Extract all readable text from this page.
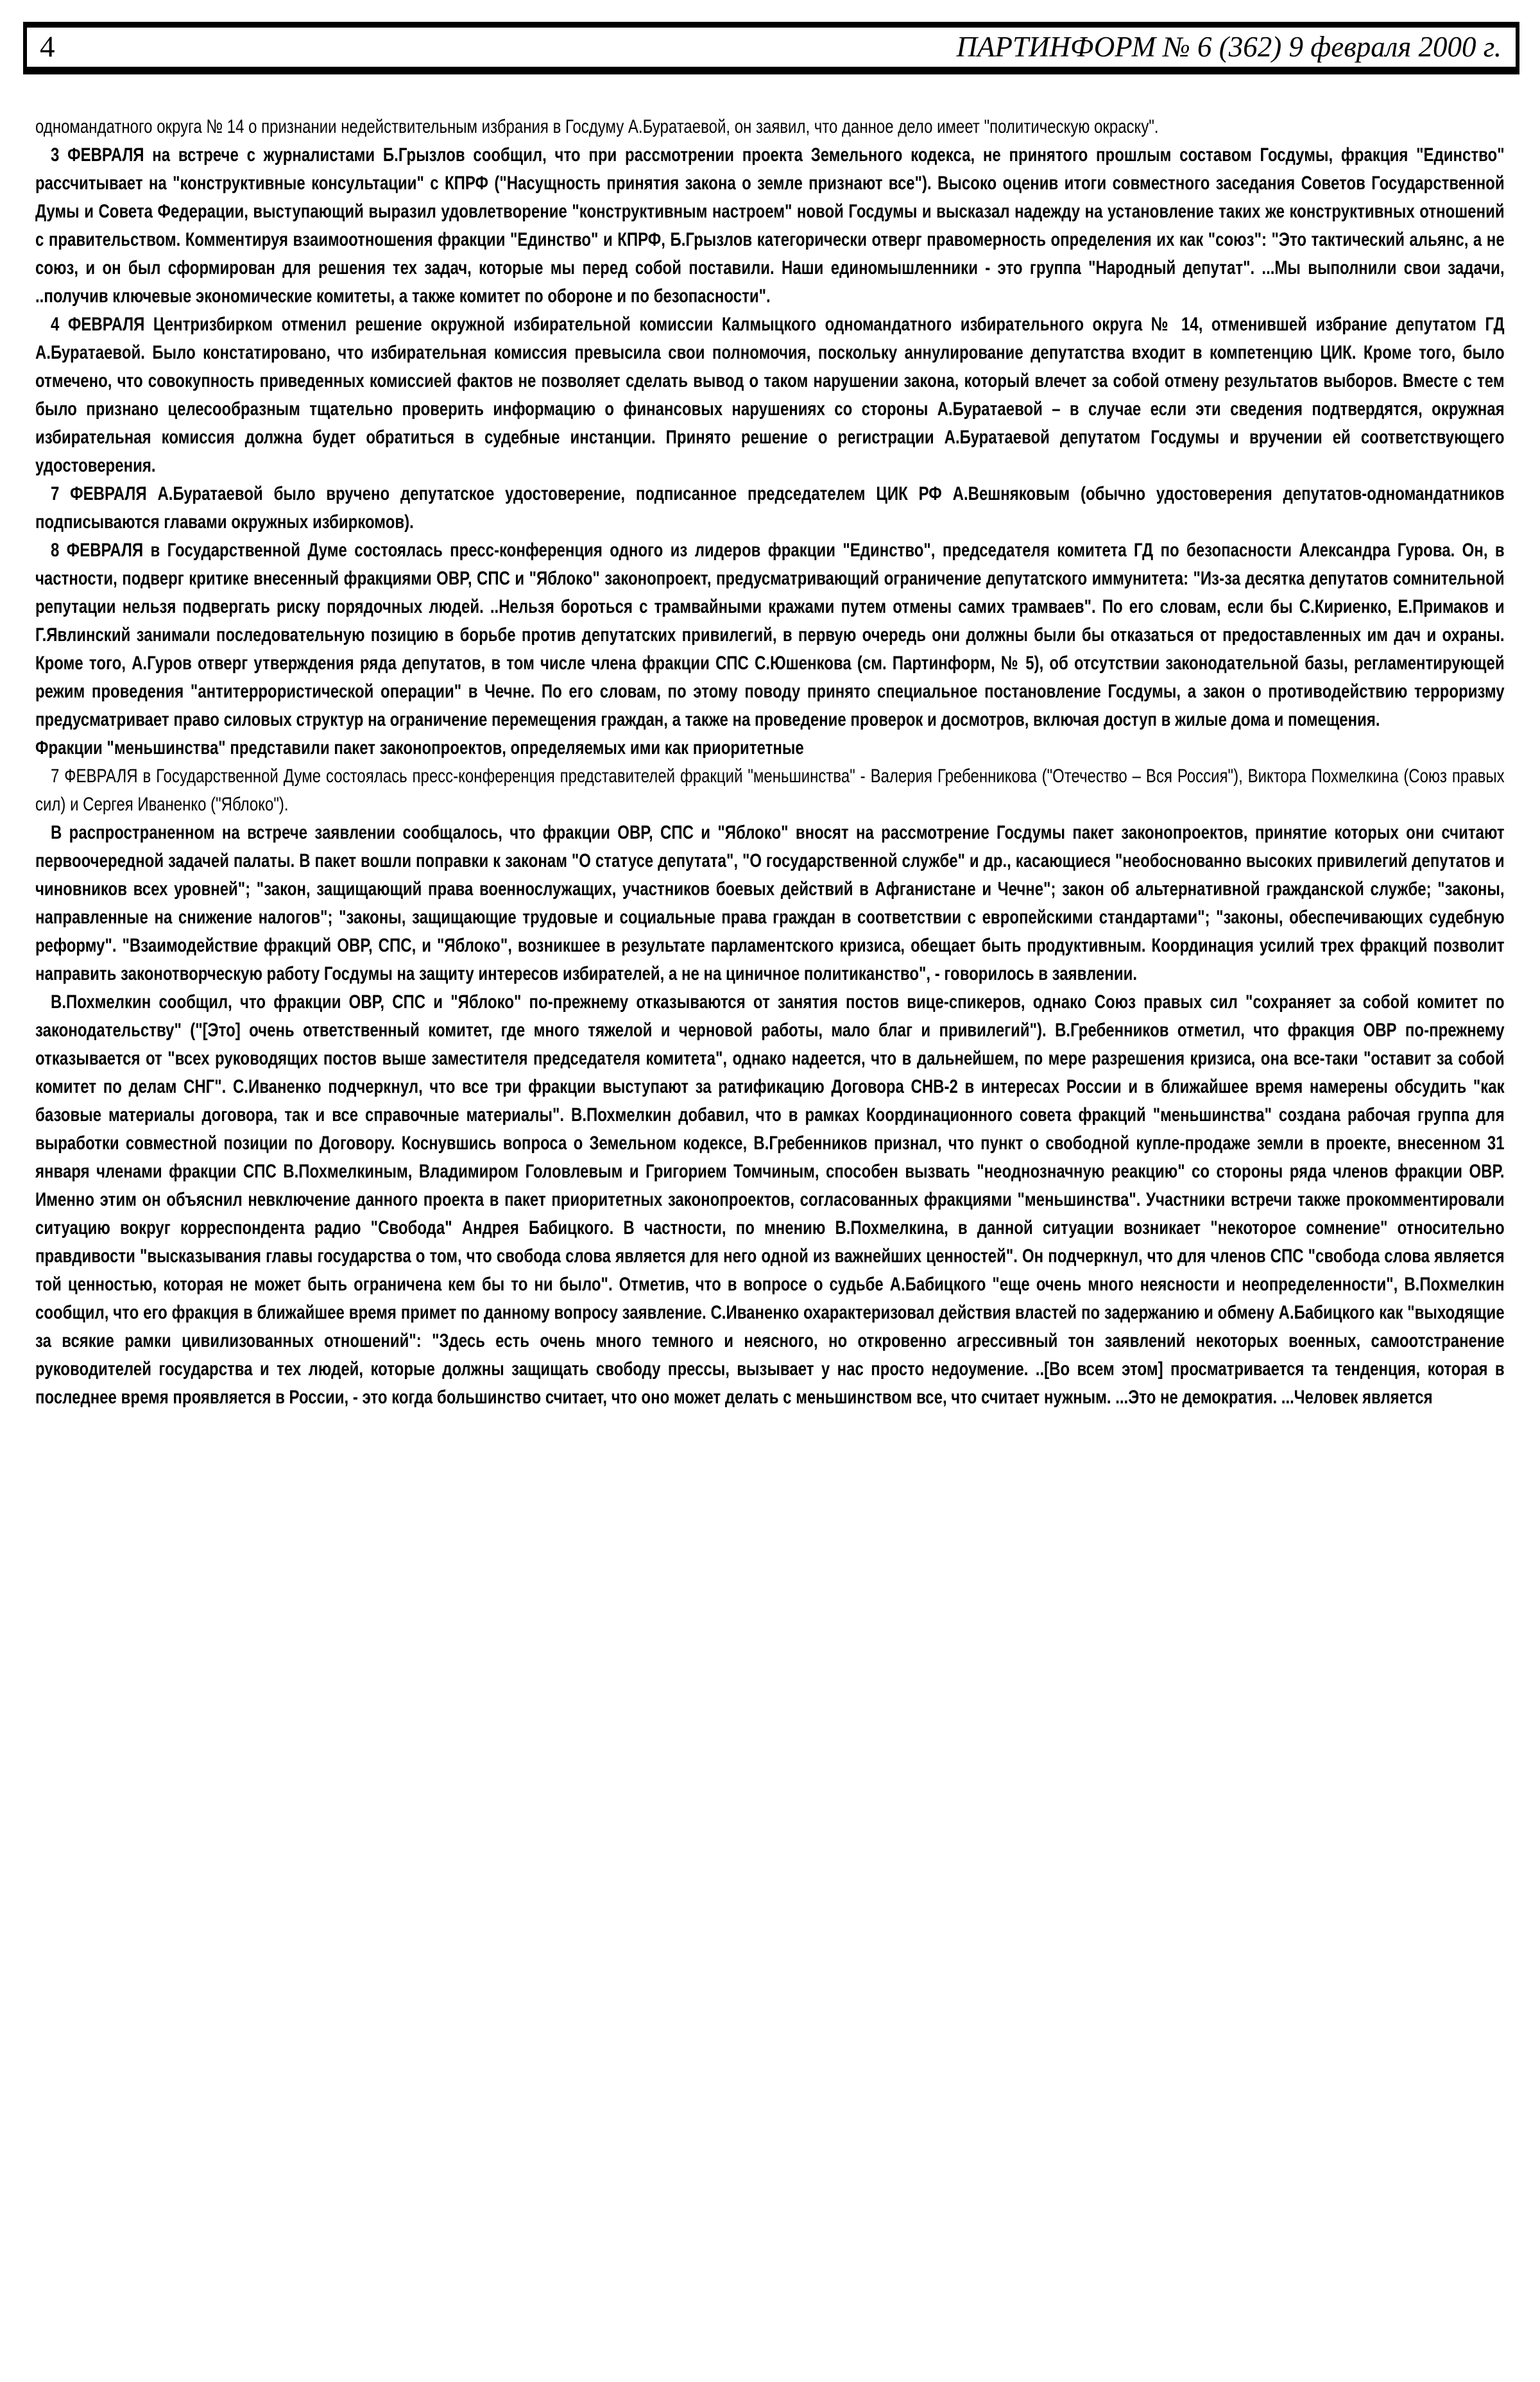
4	ПАРТИНФОРМ № 6 (362) 9 февраля 2000 г.

одномандатного округа № 14 о признании недействительным избрания в Госдуму А.Буратаевой, он заявил, что данное дело имеет "политическую окраску".

3 ФЕВРАЛЯ на встрече с журналистами Б.Грызлов сообщил, что при рассмотрении проекта Земельного кодекса, не принятого прошлым составом Госдумы, фракция "Единство" рассчитывает на "конструктивные консультации" с КПРФ ("Насущность принятия закона о земле признают все"). Высоко оценив итоги совместного заседания Советов Государственной Думы и Совета Федерации, выступающий выразил удовлетворение "конструктивным настроем" новой Госдумы и высказал надежду на установление таких же конструктивных отношений с правительством. Комментируя взаимоотношения фракции "Единство" и КПРФ, Б.Грызлов категорически отверг правомерность определения их как "союз": "Это тактический альянс, а не союз, и он был сформирован для решения тех задач, которые мы перед собой поставили. Наши единомышленники - это группа "Народный депутат". ...Мы выполнили свои задачи, ..получив ключевые экономические комитеты, а также комитет по обороне и по безопасности".

4 ФЕВРАЛЯ Центризбирком отменил решение окружной избирательной комиссии Калмыцкого одномандатного избирательного округа № 14, отменившей избрание депутатом ГД А.Буратаевой. Было констатировано, что избирательная комиссия превысила свои полномочия, поскольку аннулирование депутатства входит в компетенцию ЦИК. Кроме того, было отмечено, что совокупность приведенных комиссией фактов не позволяет сделать вывод о таком нарушении закона, который влечет за собой отмену результатов выборов. Вместе с тем было признано целесообразным тщательно проверить информацию о финансовых нарушениях со стороны А.Буратаевой – в случае если эти сведения подтвердятся, окружная избирательная комиссия должна будет обратиться в судебные инстанции. Принято решение о регистрации А.Буратаевой депутатом Госдумы и вручении ей соответствующего удостоверения.

7 ФЕВРАЛЯ А.Буратаевой было вручено депутатское удостоверение, подписанное председателем ЦИК РФ А.Вешняковым (обычно удостоверения депутатов-одномандатников подписываются главами окружных избиркомов).

8 ФЕВРАЛЯ в Государственной Думе состоялась пресс-конференция одного из лидеров фракции "Единство", председателя комитета ГД по безопасности Александра Гурова. Он, в частности, подверг критике внесенный фракциями ОВР, СПС и "Яблоко" законопроект, предусматривающий ограничение депутатского иммунитета: "Из-за десятка депутатов сомнительной репутации нельзя подвергать риску порядочных людей. ..Нельзя бороться с трамвайными кражами путем отмены самих трамваев". По его словам, если бы С.Кириенко, Е.Примаков и Г.Явлинский занимали последовательную позицию в борьбе против депутатских привилегий, в первую очередь они должны были бы отказаться от предоставленных им дач и охраны. Кроме того, А.Гуров отверг утверждения ряда депутатов, в том числе члена фракции СПС С.Юшенкова (см. Партинформ, № 5), об отсутствии законодательной базы, регламентирующей режим проведения "антитеррористической операции" в Чечне. По его словам, по этому поводу принято специальное постановление Госдумы, а закон о противодействию терроризму предусматривает право силовых структур на ограничение перемещения граждан, а также на проведение проверок и досмотров, включая доступ в жилые дома и помещения.

Фракции "меньшинства" представили пакет законопроектов, определяемых ими как приоритетные

7 ФЕВРАЛЯ в Государственной Думе состоялась пресс-конференция представителей фракций "меньшинства" - Валерия Гребенникова ("Отечество – Вся Россия"), Виктора Похмелкина (Союз правых сил) и Сергея Иваненко ("Яблоко").

В распространенном на встрече заявлении сообщалось, что фракции ОВР, СПС и "Яблоко" вносят на рассмотрение Госдумы пакет законопроектов, принятие которых они считают первоочередной задачей палаты. В пакет вошли поправки к законам "О статусе депутата", "О государственной службе" и др., касающиеся "необоснованно высоких привилегий депутатов и чиновников всех уровней"; "закон, защищающий права военнослужащих, участников боевых действий в Афганистане и Чечне"; закон об альтернативной гражданской службе; "законы, направленные на снижение налогов"; "законы, защищающие трудовые и социальные права граждан в соответствии с европейскими стандартами"; "законы, обеспечивающих судебную реформу". "Взаимодействие фракций ОВР, СПС, и "Яблоко", возникшее в результате парламентского кризиса, обещает быть продуктивным. Координация усилий трех фракций позволит направить законотворческую работу Госдумы на защиту интересов избирателей, а не на циничное политиканство", - говорилось в заявлении.

В.Похмелкин сообщил, что фракции ОВР, СПС и "Яблоко" по-прежнему отказываются от занятия постов вице-спикеров, однако Союз правых сил "сохраняет за собой комитет по законодательству" ("[Это] очень ответственный комитет, где много тяжелой и черновой работы, мало благ и привилегий"). В.Гребенников отметил, что фракция ОВР по-прежнему отказывается от "всех руководящих постов выше заместителя председателя комитета", однако надеется, что в дальнейшем, по мере разрешения кризиса, она все-таки "оставит за собой комитет по делам СНГ". С.Иваненко подчеркнул, что все три фракции выступают за ратификацию Договора СНВ-2 в интересах России и в ближайшее время намерены обсудить "как базовые материалы договора, так и все справочные материалы". В.Похмелкин добавил, что в рамках Координационного совета фракций "меньшинства" создана рабочая группа для выработки совместной позиции по Договору. Коснувшись вопроса о Земельном кодексе, В.Гребенников признал, что пункт о свободной купле-продаже земли в проекте, внесенном 31 января членами фракции СПС В.Похмелкиным, Владимиром Головлевым и Григорием Томчиным, способен вызвать "неоднозначную реакцию" со стороны ряда членов фракции ОВР. Именно этим он объяснил невключение данного проекта в пакет приоритетных законопроектов, согласованных фракциями "меньшинства". Участники встречи также прокомментировали ситуацию вокруг корреспондента радио "Свобода" Андрея Бабицкого. В частности, по мнению В.Похмелкина, в данной ситуации возникает "некоторое сомнение" относительно правдивости "высказывания главы государства о том, что свобода слова является для него одной из важнейших ценностей". Он подчеркнул, что для членов СПС "свобода слова является той ценностью, которая не может быть ограничена кем бы то ни было". Отметив, что в вопросе о судьбе А.Бабицкого "еще очень много неясности и неопределенности", В.Похмелкин сообщил, что его фракция в ближайшее время примет по данному вопросу заявление. С.Иваненко охарактеризовал действия властей по задержанию и обмену А.Бабицкого как "выходящие за всякие рамки цивилизованных отношений": "Здесь есть очень много темного и неясного, но откровенно агрессивный тон заявлений некоторых военных, самоотстранение руководителей государства и тех людей, которые должны защищать свободу прессы, вызывает у нас просто недоумение. ..[Во всем этом] просматривается та тенденция, которая в последнее время проявляется в России, - это когда большинство считает, что оно может делать с меньшинством все, что считает нужным. ...Это не демократия. ...Человек является
